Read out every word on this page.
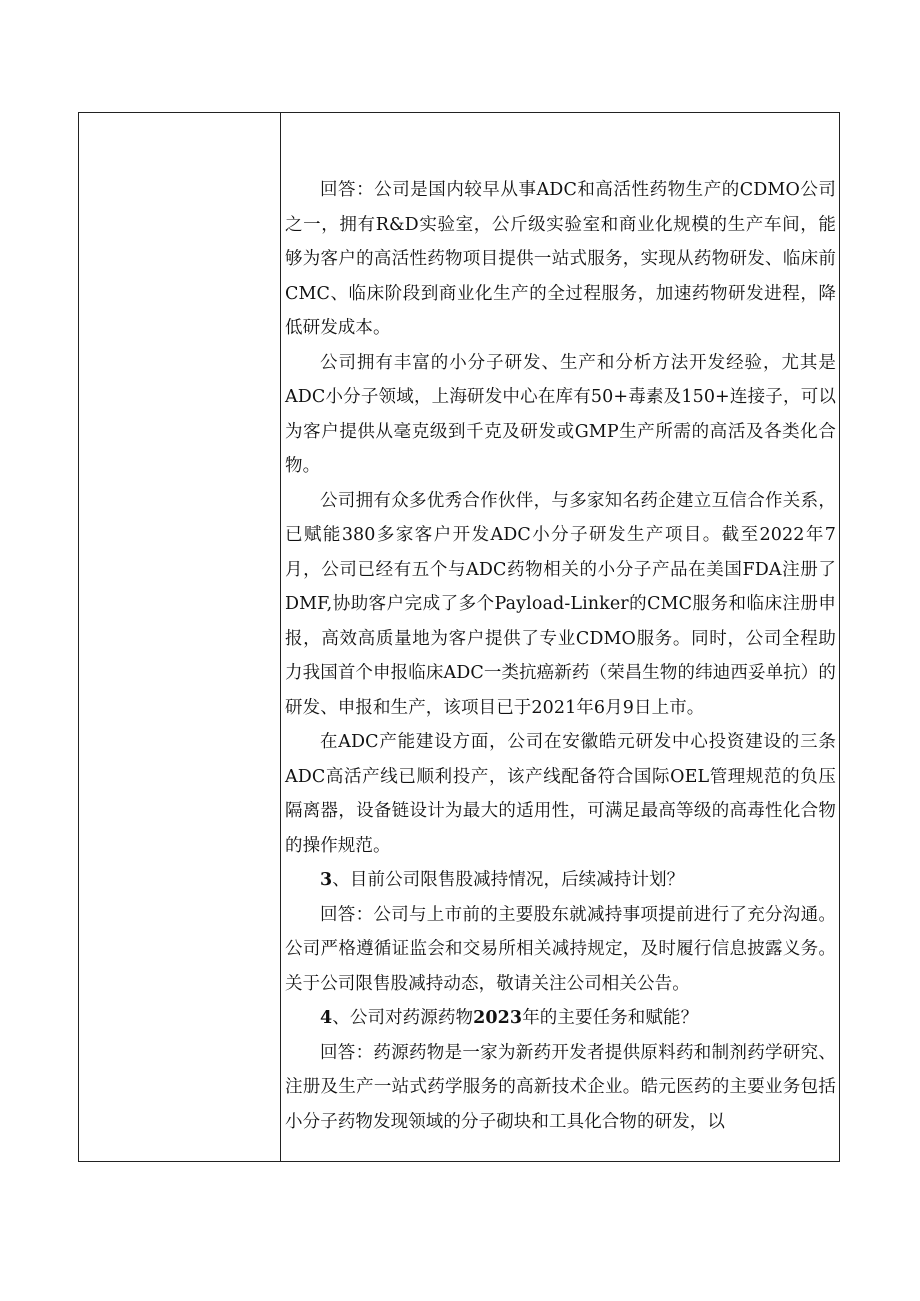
回答：公司是国内较早从事ADC和高活性药物生产的CDMO公司之一，拥有R&D实验室，公斤级实验室和商业化规模的生产车间，能够为客户的高活性药物项目提供一站式服务，实现从药物研发、临床前CMC、临床阶段到商业化生产的全过程服务，加速药物研发进程，降低研发成本。

公司拥有丰富的小分子研发、生产和分析方法开发经验，尤其是ADC小分子领域，上海研发中心在库有50+毒素及150+连接子，可以为客户提供从毫克级到千克及研发或GMP生产所需的高活及各类化合物。

公司拥有众多优秀合作伙伴，与多家知名药企建立互信合作关系，已赋能380多家客户开发ADC小分子研发生产项目。截至2022年7月，公司已经有五个与ADC药物相关的小分子产品在美国FDA注册了DMF,协助客户完成了多个Payload-Linker的CMC服务和临床注册申报，高效高质量地为客户提供了专业CDMO服务。同时，公司全程助力我国首个申报临床ADC一类抗癌新药（荣昌生物的纬迪西妥单抗）的研发、申报和生产，该项目已于2021年6月9日上市。

在ADC产能建设方面，公司在安徽皓元研发中心投资建设的三条ADC高活产线已顺利投产，该产线配备符合国际OEL管理规范的负压隔离器，设备链设计为最大的适用性，可满足最高等级的高毒性化合物的操作规范。

3、目前公司限售股减持情况，后续减持计划？

回答：公司与上市前的主要股东就减持事项提前进行了充分沟通。公司严格遵循证监会和交易所相关减持规定，及时履行信息披露义务。关于公司限售股减持动态，敬请关注公司相关公告。

4、公司对药源药物2023年的主要任务和赋能？

回答：药源药物是一家为新药开发者提供原料药和制剂药学研究、注册及生产一站式药学服务的高新技术企业。皓元医药的主要业务包括小分子药物发现领域的分子砌块和工具化合物的研发，以
